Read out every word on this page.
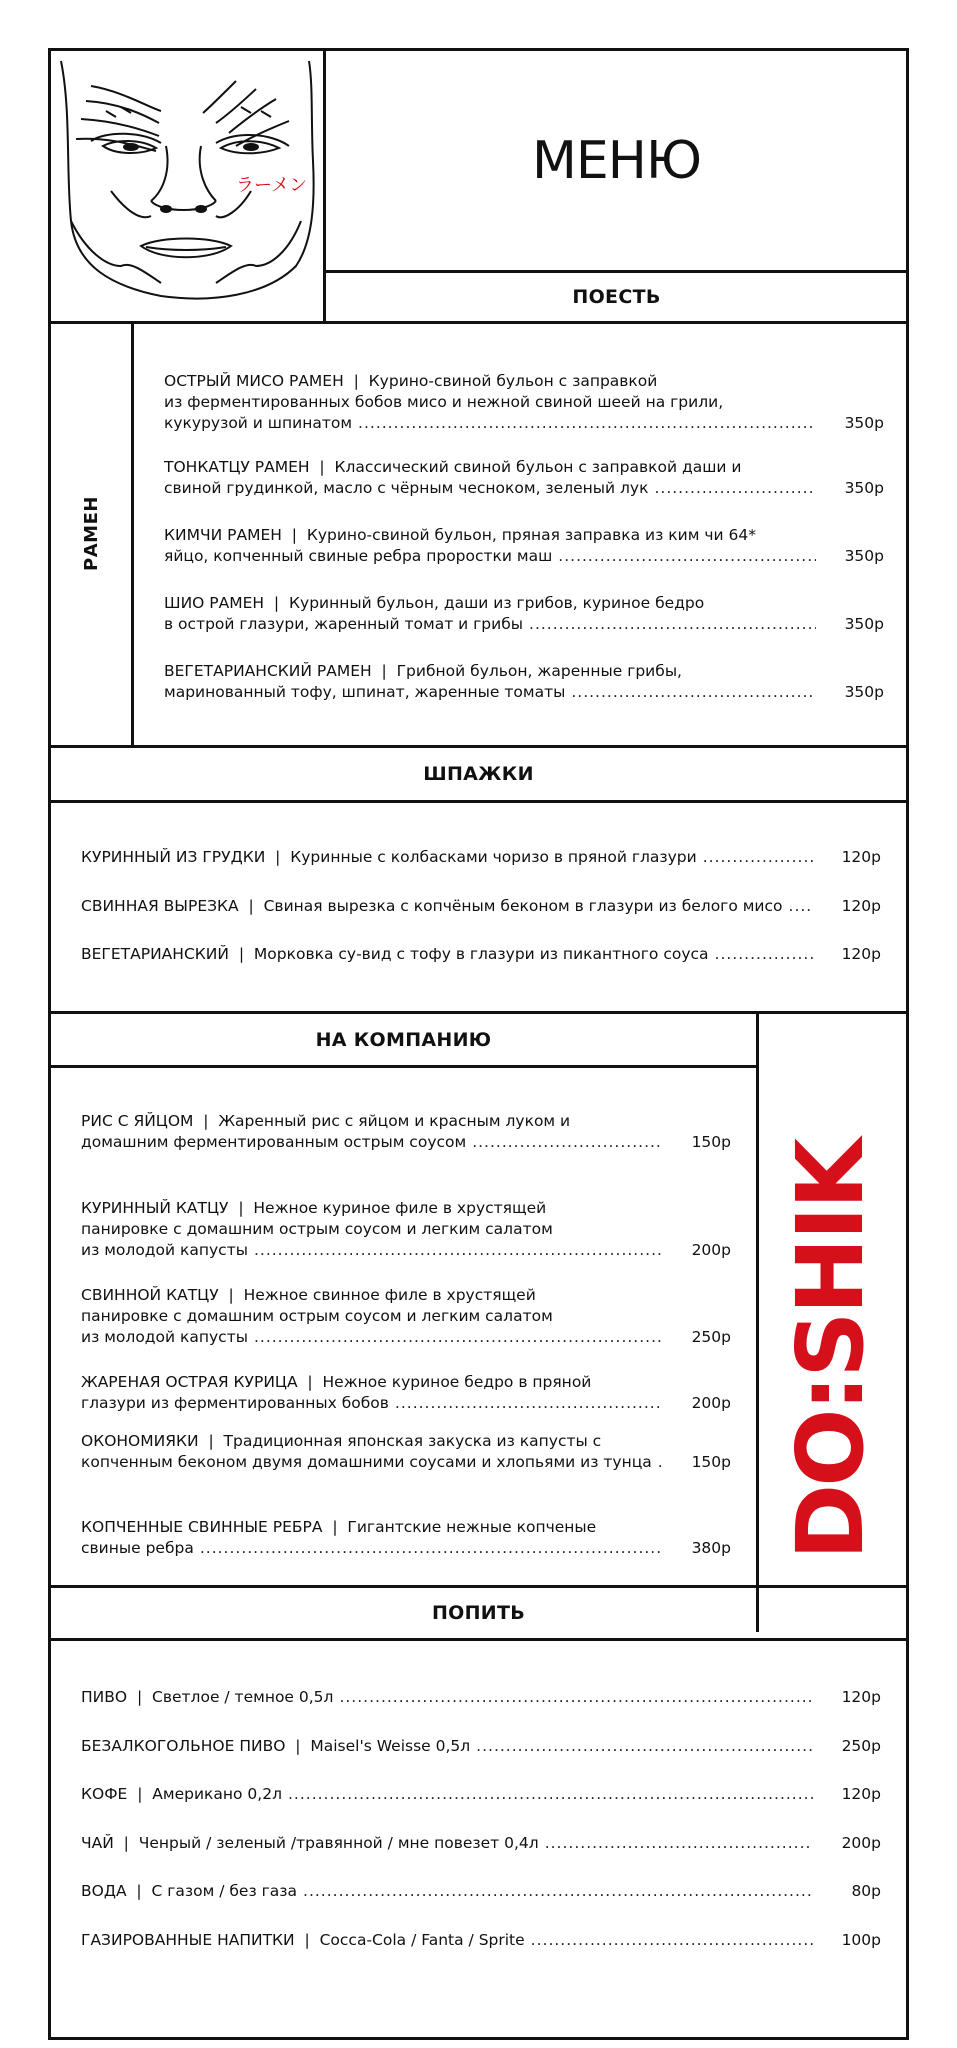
ラーメン	МЕНЮ
ПОЕСТЬ
РАМЕН
ОСТРЫЙ МИСО РАМЕН | Курино-свиной бульон с заправкой
из ферментированных бобов мисо и нежной свиной шеей на грили,
кукурузой и шпинатом .....	350р
ТОНКАТЦУ РАМЕН | Классический свиной бульон с заправкой даши и
свиной грудинкой, масло с чёрным чесноком, зеленый лук .....	350р
КИМЧИ РАМЕН | Курино-свиной бульон, пряная заправка из ким чи 64*
яйцо, копченный свиные ребра проростки маш .....	350р
ШИО РАМЕН | Куринный бульон, даши из грибов, куриное бедро
в острой глазури, жаренный томат и грибы .....	350р
ВЕГЕТАРИАНСКИЙ РАМЕН | Грибной бульон, жаренные грибы,
маринованный тофу, шпинат, жаренные томаты .....	350р
ШПАЖКИ
КУРИННЫЙ ИЗ ГРУДКИ | Куринные с колбасками чоризо в пряной глазури .....	120р
СВИННАЯ ВЫРЕЗКА | Свиная вырезка с копчёным беконом в глазури из белого мисо .....	120р
ВЕГЕТАРИАНСКИЙ | Морковка су-вид с тофу в глазури из пикантного соуса .....	120р
НА КОМПАНИЮ
РИС С ЯЙЦОМ | Жаренный рис с яйцом и красным луком и
домашним ферментированным острым соусом .....	150р
КУРИННЫЙ КАТЦУ | Нежное куриное филе в хрустящей
панировке с домашним острым соусом и легким салатом
из молодой капусты .....	200р
СВИННОЙ КАТЦУ | Нежное свинное филе в хрустящей
панировке с домашним острым соусом и легким салатом
из молодой капусты .....	250р
ЖАРЕНАЯ ОСТРАЯ КУРИЦА | Нежное куриное бедро в пряной
глазури из ферментированных бобов .....	200р
ОКОНОМИЯКИ | Традиционная японская закуска из капусты с
копченным беконом двумя домашними соусами и хлопьями из тунца .....	150р
КОПЧЕННЫЕ СВИННЫЕ РЕБРА | Гигантские нежные копченые
свиные ребра .....	380р DO:SHIK
ПОПИТЬ
ПИВО | Светлое / темное 0,5л .....	120р
БЕЗАЛКОГОЛЬНОЕ ПИВО | Maisel's Weisse 0,5л .....	250р
КОФЕ | Американо 0,2л .....	120р
ЧАЙ | Ченрый / зеленый /травянной / мне повезет 0,4л .....	200р
ВОДА | С газом / без газа .....	80р
ГАЗИРОВАННЫЕ НАПИТКИ | Cocca-Cola / Fanta / Sprite .....	100р
